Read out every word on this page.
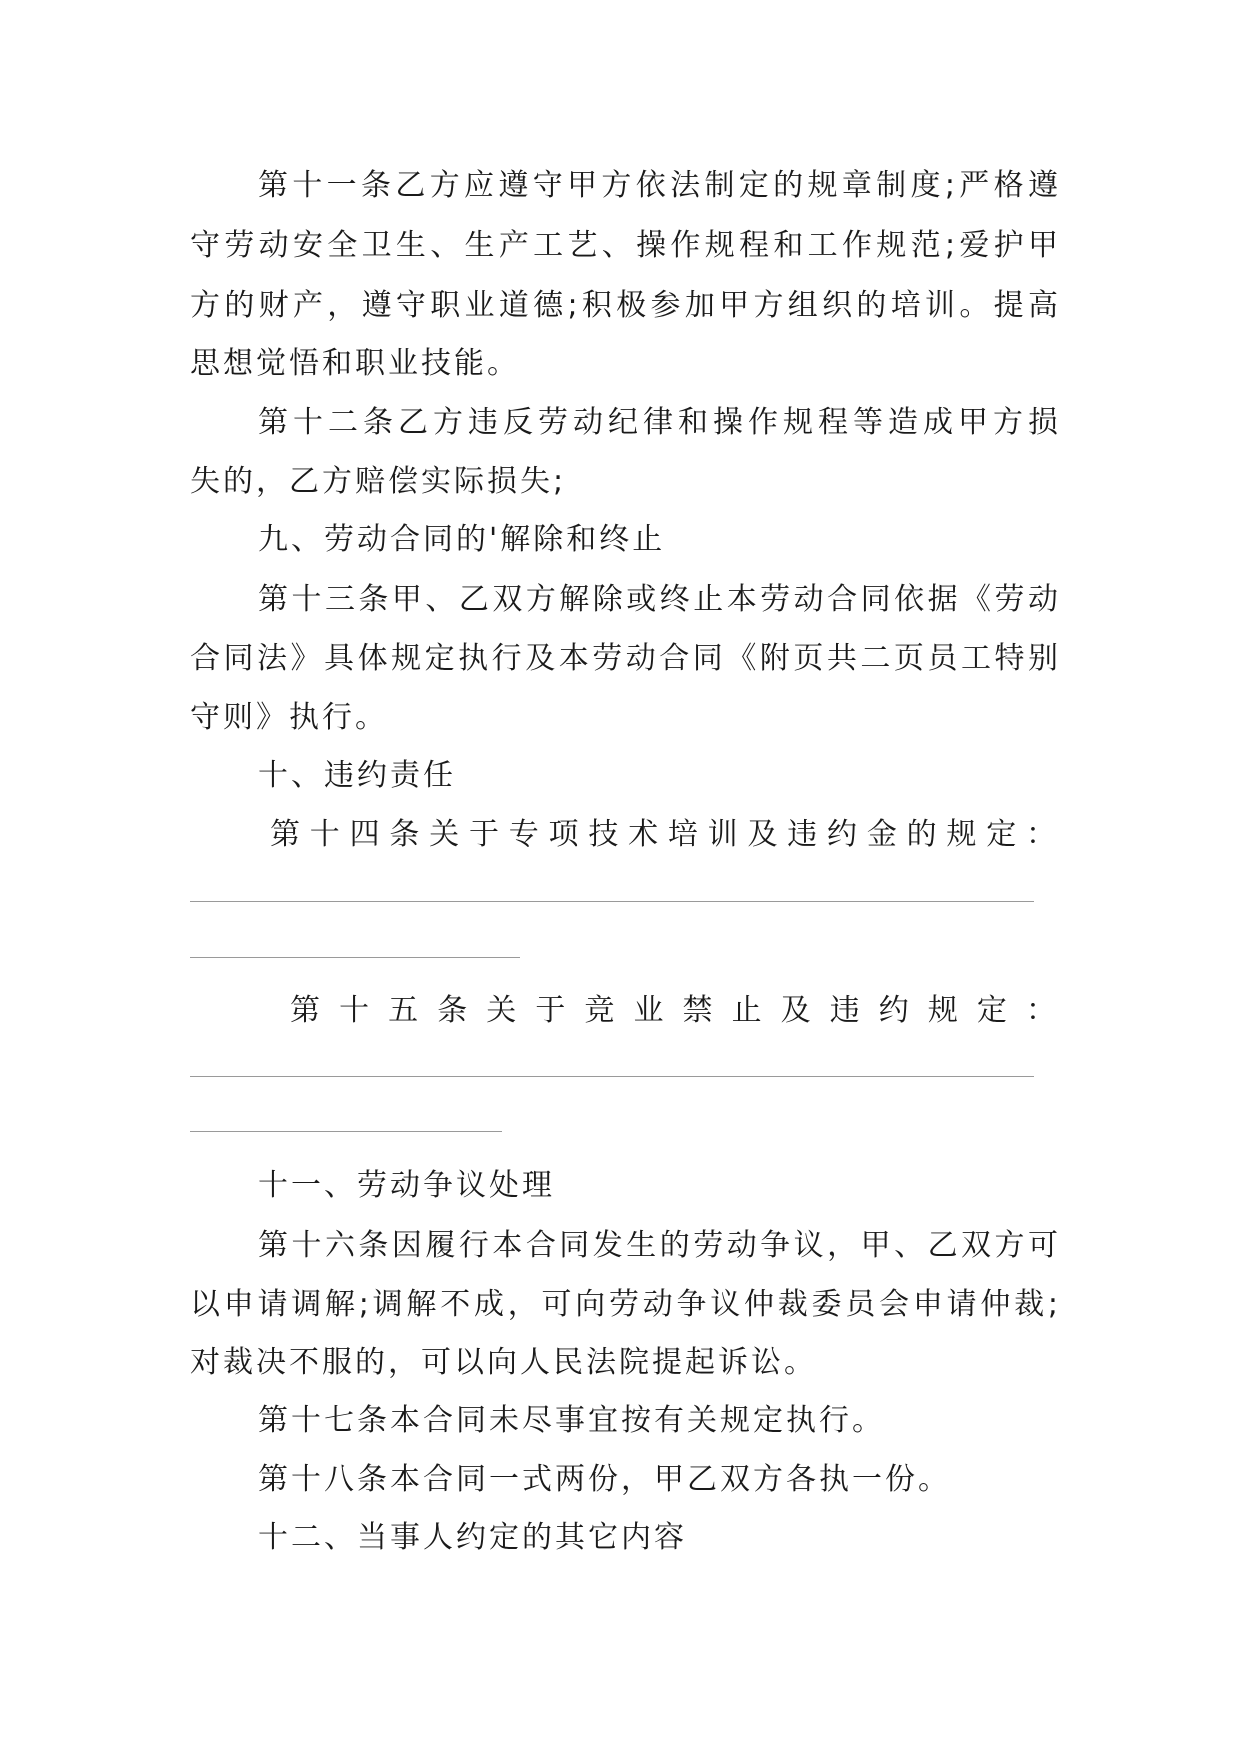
第十一条乙方应遵守甲方依法制定的规章制度;严格遵
守劳动安全卫生、生产工艺、操作规程和工作规范;爱护甲
方的财产，遵守职业道德;积极参加甲方组织的培训。提高
思想觉悟和职业技能。
第十二条乙方违反劳动纪律和操作规程等造成甲方损
失的，乙方赔偿实际损失;
九、劳动合同的'解除和终止
第十三条甲、乙双方解除或终止本劳动合同依据《劳动
合同法》具体规定执行及本劳动合同《附页共二页员工特别
守则》执行。
十、违约责任
第十四条关于专项技术培训及违约金的规定：
第十五条关于竞业禁止及违约规定：
十一、劳动争议处理
第十六条因履行本合同发生的劳动争议，甲、乙双方可
以申请调解;调解不成，可向劳动争议仲裁委员会申请仲裁;
对裁决不服的，可以向人民法院提起诉讼。
第十七条本合同未尽事宜按有关规定执行。
第十八条本合同一式两份，甲乙双方各执一份。
十二、当事人约定的其它内容
